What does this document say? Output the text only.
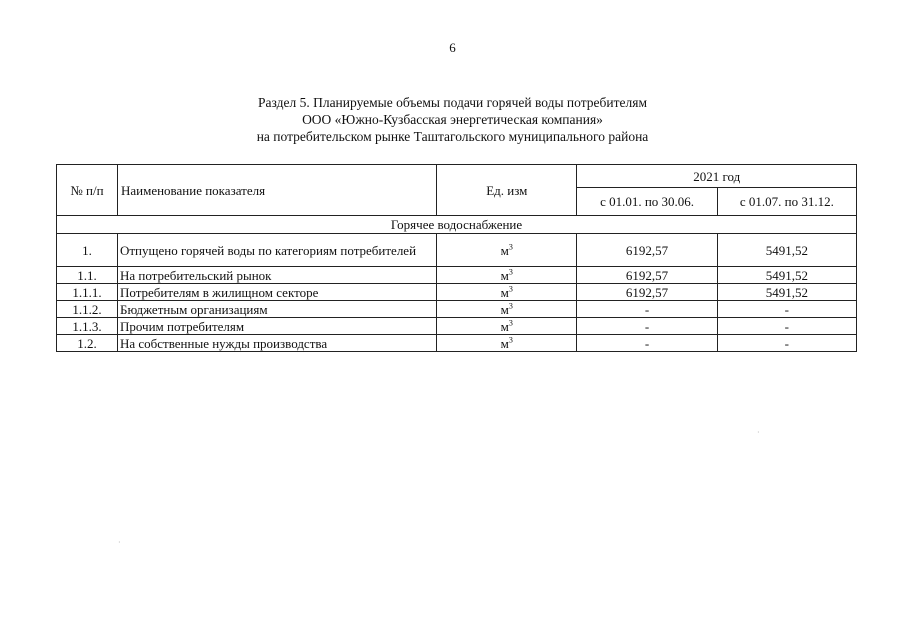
6
Раздел 5. Планируемые объемы подачи горячей воды потребителям
ООО «Южно-Кузбасская энергетическая компания»
на потребительском рынке Таштагольского муниципального района
№ п/п	Наименование показателя	Ед. изм	2021 год	
			с 01.01. по 30.06.	с 01.07. по 31.12.
Горячее водоснабжение				
1.	Отпущено горячей воды по категориям потребителей	$м^3$	6192,57	5491,52
1.1.	На потребительский рынок	$м^3$	6192,57	5491,52
1.1.1.	Потребителям в жилищном секторе	$м^3$	6192,57	5491,52
1.1.2.	Бюджетным организациям	$м^3$	-	-
1.1.3.	Прочим потребителям	$м^3$	-	-
1.2.	На собственные нужды производства	$м^3$	-	-
·
·
